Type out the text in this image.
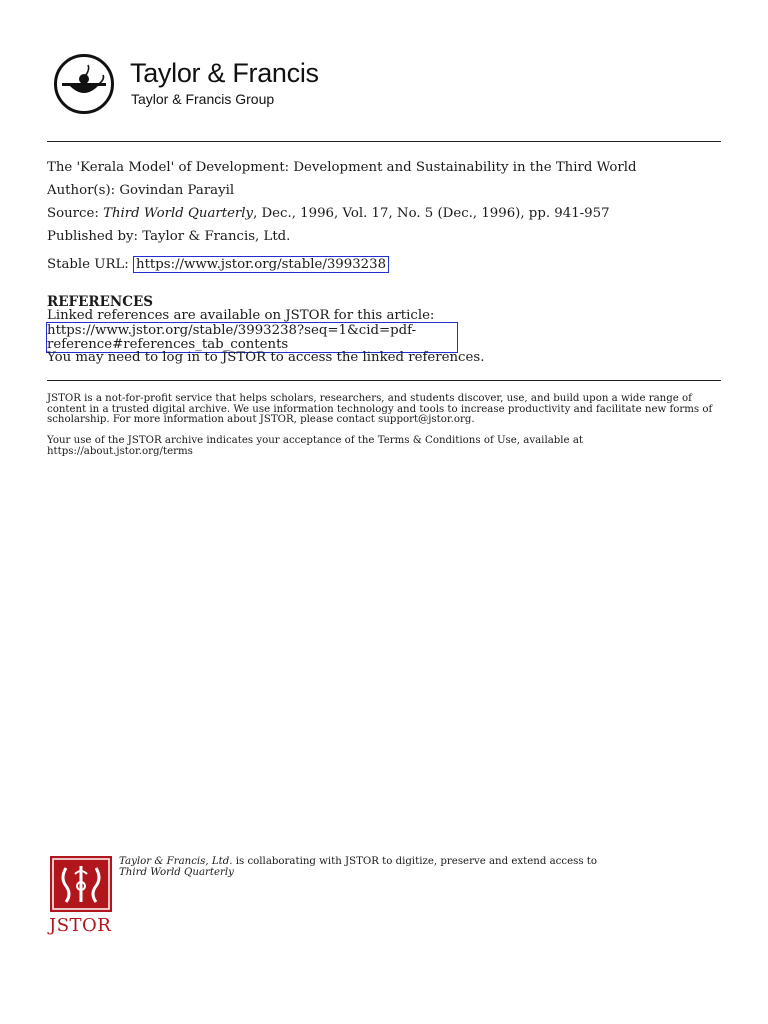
Taylor & Francis
Taylor & Francis Group
The 'Kerala Model' of Development: Development and Sustainability in the Third World
Author(s): Govindan Parayil
Source: Third World Quarterly, Dec., 1996, Vol. 17, No. 5 (Dec., 1996), pp. 941-957
Published by: Taylor & Francis, Ltd.
Stable URL: https://www.jstor.org/stable/3993238
REFERENCES
Linked references are available on JSTOR for this article:
https://www.jstor.org/stable/3993238?seq=1&cid=pdf-
reference#references_tab_contents
You may need to log in to JSTOR to access the linked references.
JSTOR is a not-for-profit service that helps scholars, researchers, and students discover, use, and build upon a wide range of content in a trusted digital archive. We use information technology and tools to increase productivity and facilitate new forms of scholarship. For more information about JSTOR, please contact support@jstor.org.
Your use of the JSTOR archive indicates your acceptance of the Terms & Conditions of Use, available at https://about.jstor.org/terms
JSTOR
Taylor & Francis, Ltd. is collaborating with JSTOR to digitize, preserve and extend access to
Third World Quarterly
